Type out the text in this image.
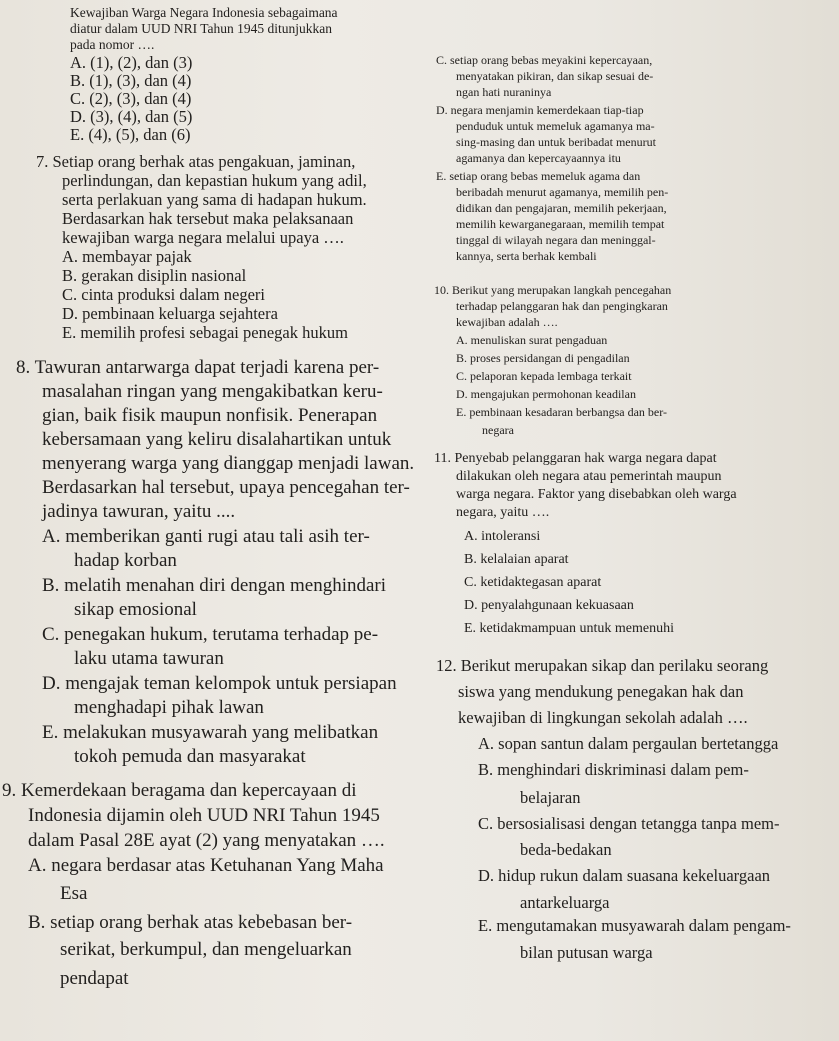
Kewajiban Warga Negara Indonesia sebagaimana
diatur dalam UUD NRI Tahun 1945 ditunjukkan
pada nomor ….
A. (1), (2), dan (3)
B. (1), (3), dan (4)
C. (2), (3), dan (4)
D. (3), (4), dan (5)
E. (4), (5), dan (6)
7. Setiap orang berhak atas pengakuan, jaminan,
perlindungan, dan kepastian hukum yang adil,
serta perlakuan yang sama di hadapan hukum.
Berdasarkan hak tersebut maka pelaksanaan
kewajiban warga negara melalui upaya ….
A. membayar pajak
B. gerakan disiplin nasional
C. cinta produksi dalam negeri
D. pembinaan keluarga sejahtera
E. memilih profesi sebagai penegak hukum
8. Tawuran antarwarga dapat terjadi karena per-
masalahan ringan yang mengakibatkan keru-
gian, baik fisik maupun nonfisik. Penerapan
kebersamaan yang keliru disalahartikan untuk
menyerang warga yang dianggap menjadi lawan.
Berdasarkan hal tersebut, upaya pencegahan ter-
jadinya tawuran, yaitu ....
A. memberikan ganti rugi atau tali asih ter-
hadap korban
B. melatih menahan diri dengan menghindari
sikap emosional
C. penegakan hukum, terutama terhadap pe-
laku utama tawuran
D. mengajak teman kelompok untuk persiapan
menghadapi pihak lawan
E. melakukan musyawarah yang melibatkan
tokoh pemuda dan masyarakat
9. Kemerdekaan beragama dan kepercayaan di
Indonesia dijamin oleh UUD NRI Tahun 1945
dalam Pasal 28E ayat (2) yang menyatakan ….
A. negara berdasar atas Ketuhanan Yang Maha
Esa
B. setiap orang berhak atas kebebasan ber-
serikat, berkumpul, dan mengeluarkan
pendapat
C. setiap orang bebas meyakini kepercayaan,
menyatakan pikiran, dan sikap sesuai de-
ngan hati nuraninya
D. negara menjamin kemerdekaan tiap-tiap
penduduk untuk memeluk agamanya ma-
sing-masing dan untuk beribadat menurut
agamanya dan kepercayaannya itu
E. setiap orang bebas memeluk agama dan
beribadah menurut agamanya, memilih pen-
didikan dan pengajaran, memilih pekerjaan,
memilih kewarganegaraan, memilih tempat
tinggal di wilayah negara dan meninggal-
kannya, serta berhak kembali
10. Berikut yang merupakan langkah pencegahan
terhadap pelanggaran hak dan pengingkaran
kewajiban adalah ….
A. menuliskan surat pengaduan
B. proses persidangan di pengadilan
C. pelaporan kepada lembaga terkait
D. mengajukan permohonan keadilan
E. pembinaan kesadaran berbangsa dan ber-
negara
11. Penyebab pelanggaran hak warga negara dapat
dilakukan oleh negara atau pemerintah maupun
warga negara. Faktor yang disebabkan oleh warga
negara, yaitu ….
A. intoleransi
B. kelalaian aparat
C. ketidaktegasan aparat
D. penyalahgunaan kekuasaan
E. ketidakmampuan untuk memenuhi
12. Berikut merupakan sikap dan perilaku seorang
siswa yang mendukung penegakan hak dan
kewajiban di lingkungan sekolah adalah ….
A. sopan santun dalam pergaulan bertetangga
B. menghindari diskriminasi dalam pem-
belajaran
C. bersosialisasi dengan tetangga tanpa mem-
beda-bedakan
D. hidup rukun dalam suasana kekeluargaan
antarkeluarga
E. mengutamakan musyawarah dalam pengam-
bilan putusan warga
